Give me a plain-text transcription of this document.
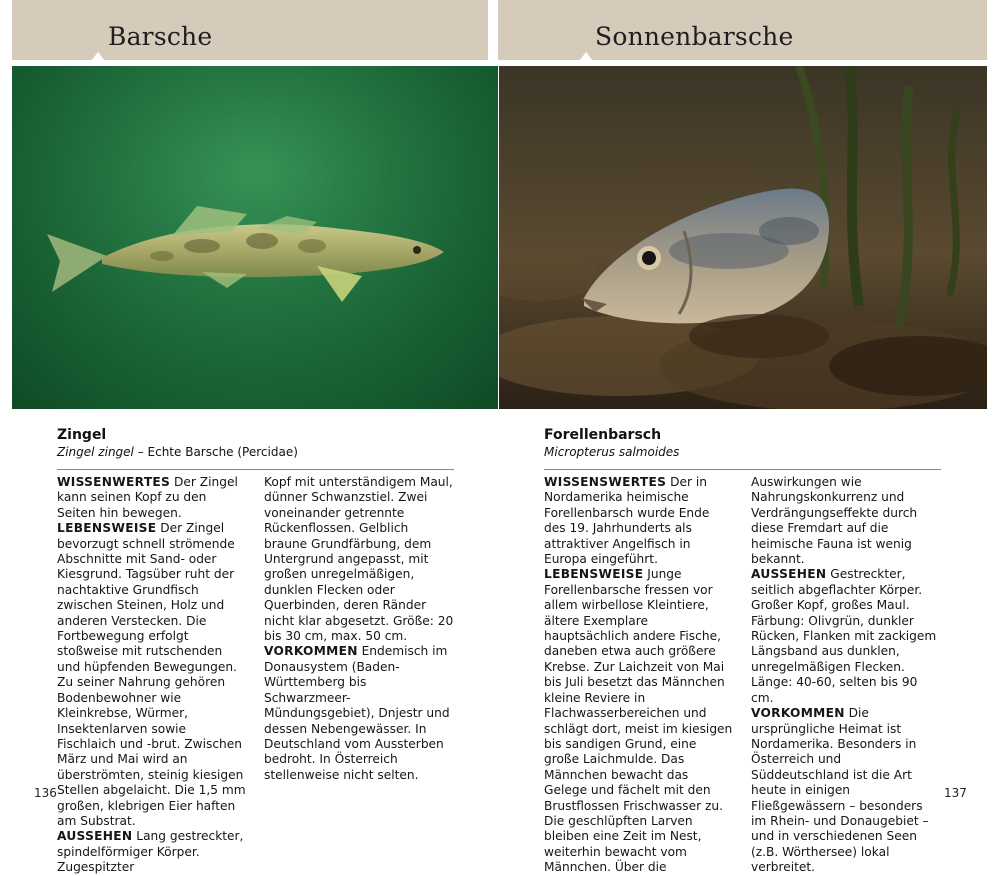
Barsche	Sonnenbarsche
Zingel
Zingel zingel – Echte Barsche (Percidae)
Forellenbarsch
Micropterus salmoides

WISSENWERTES Der Zingel kann seinen Kopf zu den Seiten hin bewegen.

LEBENSWEISE Der Zingel bevorzugt schnell strömende Abschnitte mit Sand- oder Kiesgrund. Tagsüber ruht der nachtaktive Grundfisch zwischen Steinen, Holz und anderen Verstecken. Die Fortbewegung erfolgt stoßweise mit rutschenden und hüpfenden Bewegungen. Zu seiner Nahrung gehören Bodenbewohner wie Kleinkrebse, Würmer, Insektenlarven sowie Fischlaich und -brut. Zwischen März und Mai wird an überströmten, steinig kiesigen Stellen abgelaicht. Die 1,5 mm großen, klebrigen Eier haften am Substrat.

AUSSEHEN Lang gestreckter, spindelförmiger Körper. Zugespitzter

Kopf mit unterständigem Maul, dünner Schwanzstiel. Zwei voneinander getrennte Rückenflossen. Gelblich braune Grundfärbung, dem Untergrund angepasst, mit großen unregelmäßigen, dunklen Flecken oder Querbinden, deren Ränder nicht klar abgesetzt. Größe: 20 bis 30 cm, max. 50 cm.

VORKOMMEN Endemisch im Donausystem (Baden-Württemberg bis Schwarzmeer-Mündungsgebiet), Dnjestr und dessen Nebengewässer. In Deutschland vom Aussterben bedroht. In Österreich stellenweise nicht selten.

WISSENSWERTES Der in Nordamerika heimische Forellenbarsch wurde Ende des 19. Jahrhunderts als attraktiver Angelfisch in Europa eingeführt.

LEBENSWEISE Junge Forellenbarsche fressen vor allem wirbellose Kleintiere, ältere Exemplare hauptsächlich andere Fische, daneben etwa auch größere Krebse. Zur Laichzeit von Mai bis Juli besetzt das Männchen kleine Reviere in Flachwasserbereichen und schlägt dort, meist im kiesigen bis sandigen Grund, eine große Laichmulde. Das Männchen bewacht das Gelege und fächelt mit den Brustflossen Frischwasser zu. Die geschlüpften Larven bleiben eine Zeit im Nest, weiterhin bewacht vom Männchen. Über die

Auswirkungen wie Nahrungskonkurrenz und Verdrängungseffekte durch diese Fremdart auf die heimische Fauna ist wenig bekannt.

AUSSEHEN Gestreckter, seitlich abgeflachter Körper. Großer Kopf, großes Maul. Färbung: Olivgrün, dunkler Rücken, Flanken mit zackigem Längsband aus dunklen, unregelmäßigen Flecken. Länge: 40-60, selten bis 90 cm.

VORKOMMEN Die ursprüngliche Heimat ist Nordamerika. Besonders in Österreich und Süddeutschland ist die Art heute in einigen Fließgewässern – besonders im Rhein- und Donaugebiet – und in verschiedenen Seen (z.B. Wörthersee) lokal verbreitet.

136	137
